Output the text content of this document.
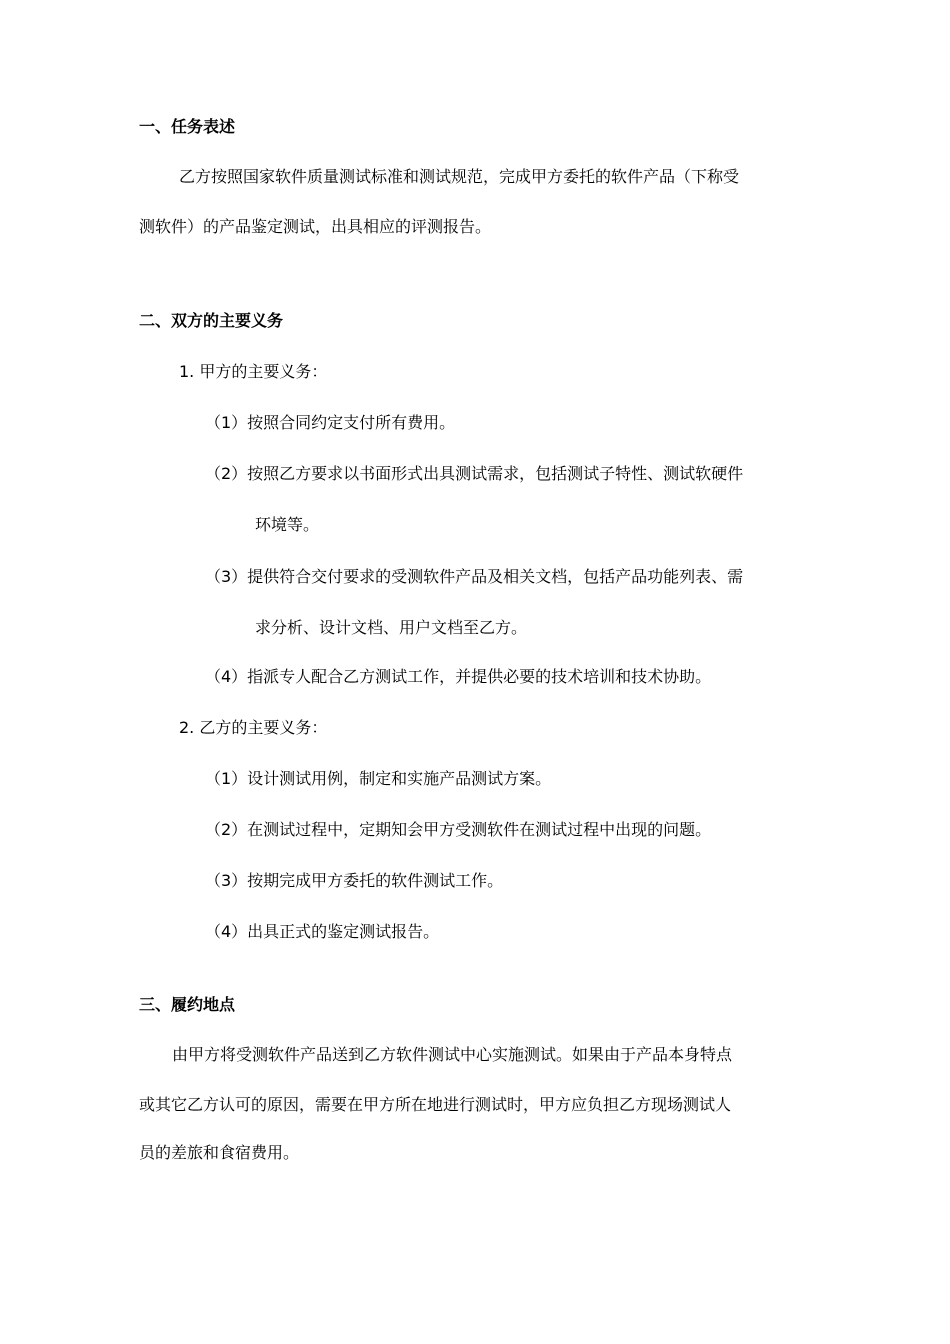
一、任务表述

乙方按照国家软件质量测试标准和测试规范，完成甲方委托的软件产品（下称受

测软件）的产品鉴定测试，出具相应的评测报告。

二、双方的主要义务

1. 甲方的主要义务：

（1）按照合同约定支付所有费用。

（2）按照乙方要求以书面形式出具测试需求，包括测试子特性、测试软硬件

环境等。

（3）提供符合交付要求的受测软件产品及相关文档，包括产品功能列表、需

求分析、设计文档、用户文档至乙方。

（4）指派专人配合乙方测试工作，并提供必要的技术培训和技术协助。

2. 乙方的主要义务：

（1）设计测试用例，制定和实施产品测试方案。

（2）在测试过程中，定期知会甲方受测软件在测试过程中出现的问题。

（3）按期完成甲方委托的软件测试工作。

（4）出具正式的鉴定测试报告。

三、履约地点

由甲方将受测软件产品送到乙方软件测试中心实施测试。如果由于产品本身特点

或其它乙方认可的原因，需要在甲方所在地进行测试时，甲方应负担乙方现场测试人

员的差旅和食宿费用。
